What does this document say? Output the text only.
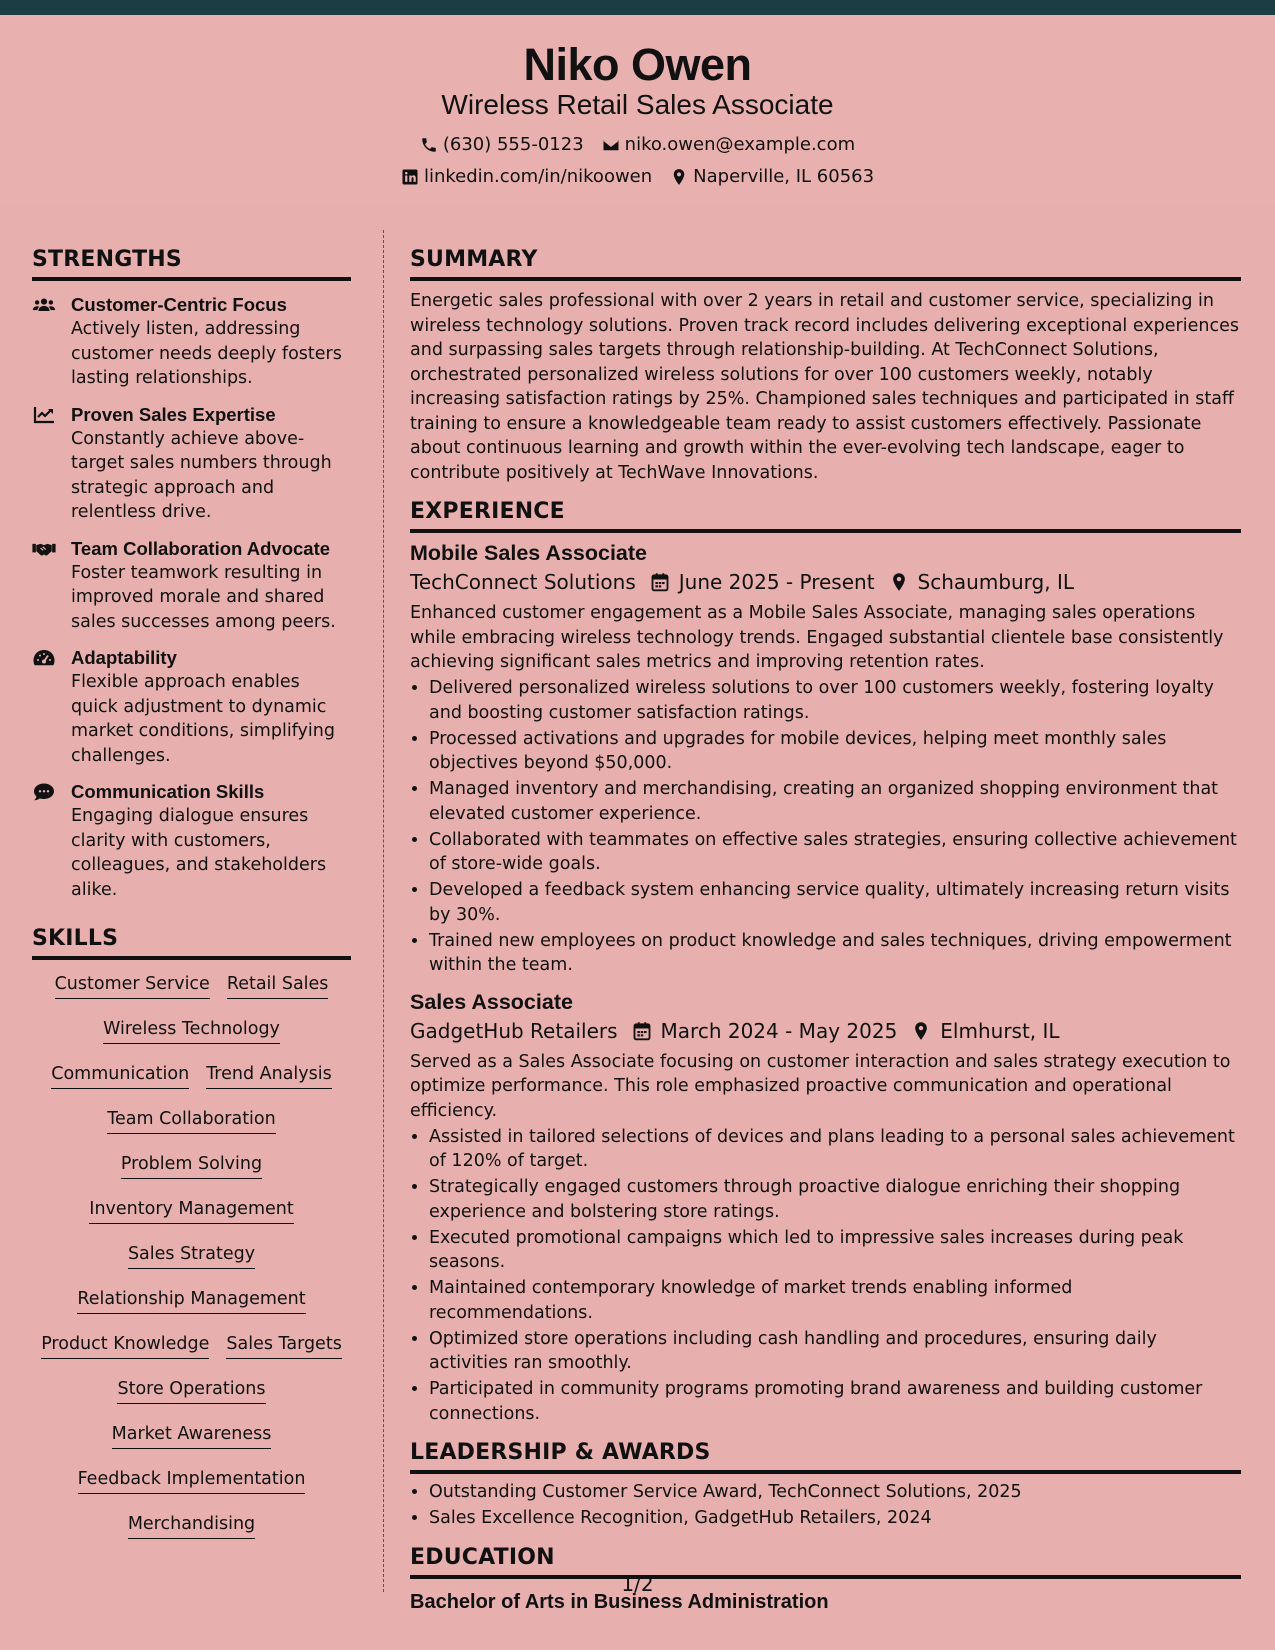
Niko Owen
Wireless Retail Sales Associate
(630) 555-0123 niko.owen@example.com
linkedin.com/in/nikoowen Naperville, IL 60563
STRENGTHS
Customer-Centric Focus
Actively listen, addressing customer needs deeply fosters lasting relationships.
Proven Sales Expertise
Constantly achieve above-target sales numbers through strategic approach and relentless drive.
Team Collaboration Advocate
Foster teamwork resulting in improved morale and shared sales successes among peers.
Adaptability
Flexible approach enables quick adjustment to dynamic market conditions, simplifying challenges.
Communication Skills
Engaging dialogue ensures clarity with customers, colleagues, and stakeholders alike.
SKILLS
Customer Service Retail Sales
Wireless Technology
Communication Trend Analysis
Team Collaboration
Problem Solving
Inventory Management
Sales Strategy
Relationship Management
Product Knowledge Sales Targets
Store Operations
Market Awareness
Feedback Implementation
Merchandising
SUMMARY
Energetic sales professional with over 2 years in retail and customer service, specializing in wireless technology solutions. Proven track record includes delivering exceptional experiences and surpassing sales targets through relationship-building. At TechConnect Solutions, orchestrated personalized wireless solutions for over 100 customers weekly, notably increasing satisfaction ratings by 25%. Championed sales techniques and participated in staff training to ensure a knowledgeable team ready to assist customers effectively. Passionate about continuous learning and growth within the ever-evolving tech landscape, eager to contribute positively at TechWave Innovations.
EXPERIENCE
Mobile Sales Associate
TechConnect Solutions June 2025 - Present Schaumburg, IL
Enhanced customer engagement as a Mobile Sales Associate, managing sales operations while embracing wireless technology trends. Engaged substantial clientele base consistently achieving significant sales metrics and improving retention rates.
• Delivered personalized wireless solutions to over 100 customers weekly, fostering loyalty and boosting customer satisfaction ratings.
• Processed activations and upgrades for mobile devices, helping meet monthly sales objectives beyond $50,000.
• Managed inventory and merchandising, creating an organized shopping environment that elevated customer experience.
• Collaborated with teammates on effective sales strategies, ensuring collective achievement of store-wide goals.
• Developed a feedback system enhancing service quality, ultimately increasing return visits by 30%.
• Trained new employees on product knowledge and sales techniques, driving empowerment within the team.
Sales Associate
GadgetHub Retailers March 2024 - May 2025 Elmhurst, IL
Served as a Sales Associate focusing on customer interaction and sales strategy execution to optimize performance. This role emphasized proactive communication and operational efficiency.
• Assisted in tailored selections of devices and plans leading to a personal sales achievement of 120% of target.
• Strategically engaged customers through proactive dialogue enriching their shopping experience and bolstering store ratings.
• Executed promotional campaigns which led to impressive sales increases during peak seasons.
• Maintained contemporary knowledge of market trends enabling informed recommendations.
• Optimized store operations including cash handling and procedures, ensuring daily activities ran smoothly.
• Participated in community programs promoting brand awareness and building customer connections.
LEADERSHIP & AWARDS
• Outstanding Customer Service Award, TechConnect Solutions, 2025
• Sales Excellence Recognition, GadgetHub Retailers, 2024
EDUCATION
Bachelor of Arts in Business Administration
1/2
